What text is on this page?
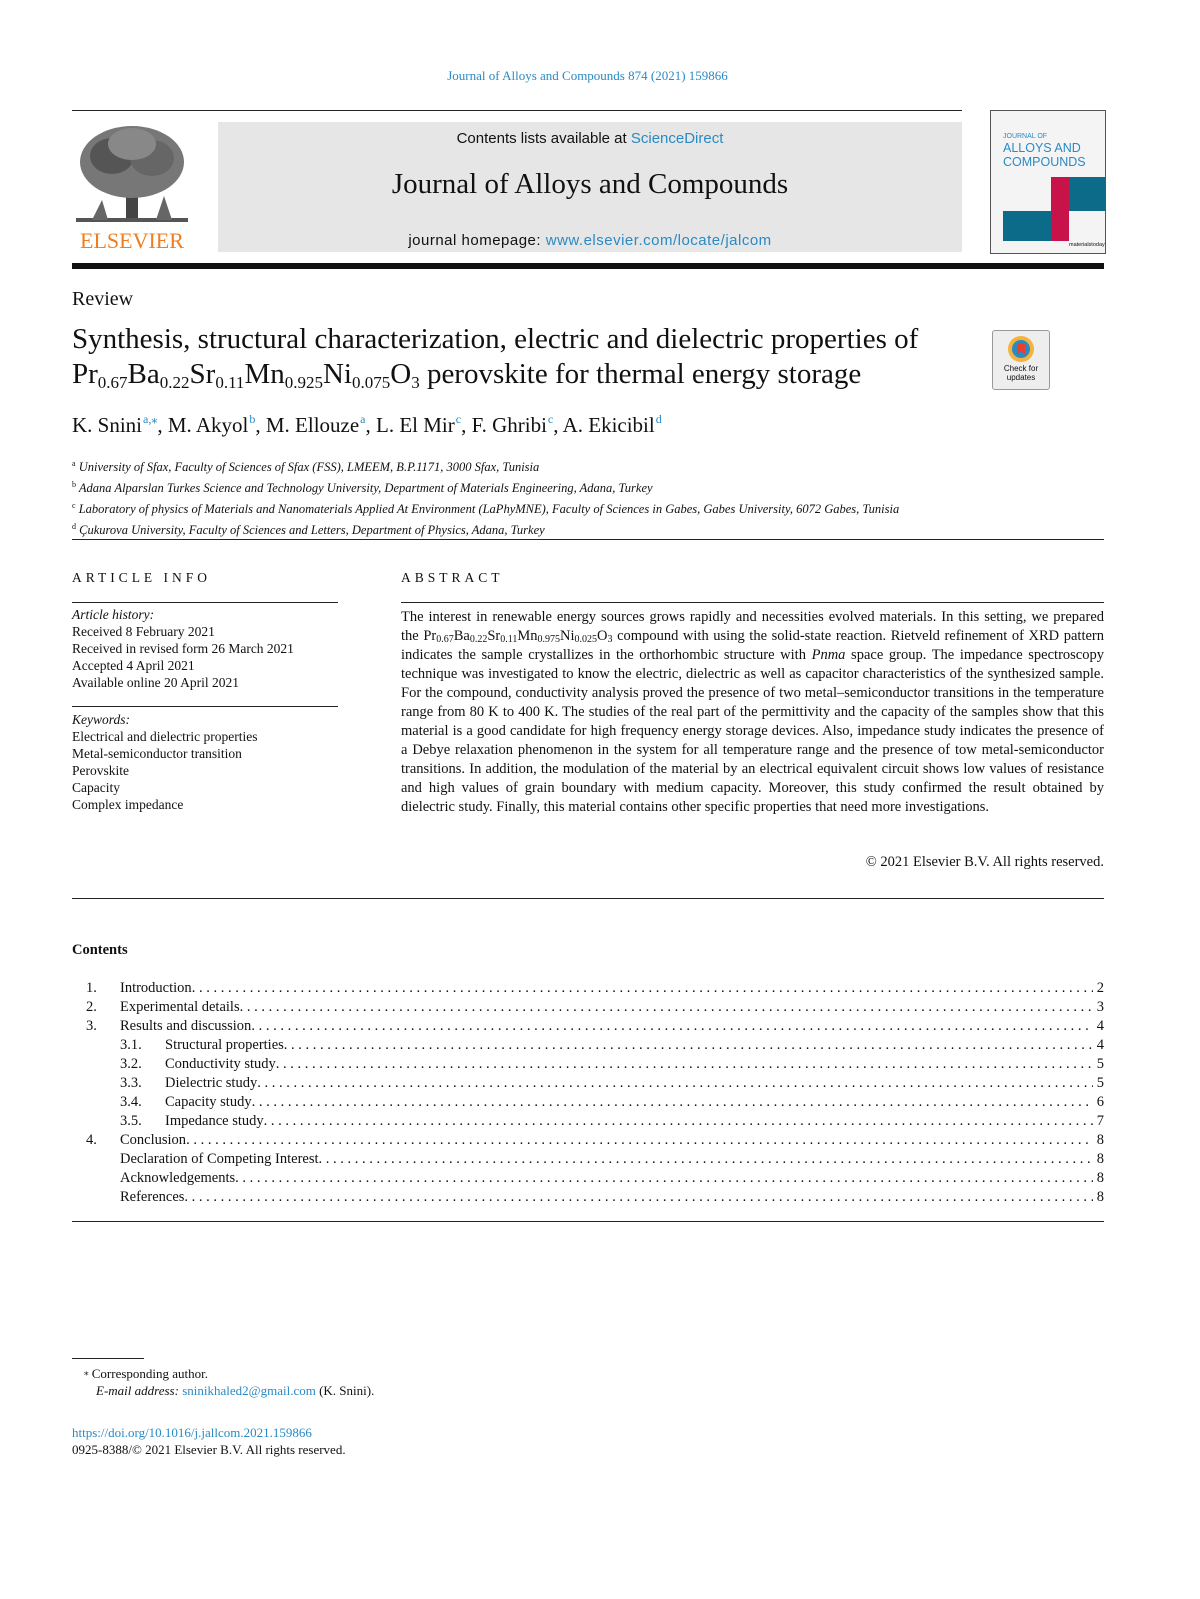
Journal of Alloys and Compounds 874 (2021) 159866
ELSEVIER
Contents lists available at ScienceDirect
Journal of Alloys and Compounds
journal homepage: www.elsevier.com/locate/jalcom
JOURNAL OF
ALLOYS AND
COMPOUNDS
materialstoday
Review
Synthesis, structural characterization, electric and dielectric properties of
$Pr_{0.67}Ba_{0.22}Sr_{0.11}Mn_{0.925}Ni_{0.075}O_3$ perovskite for thermal energy storage	Check for updates
K. Snini$^{a,⁎}$, M. Akyol$^b$, M. Ellouze$^a$, L. El Mir$^c$, F. Ghribi$^c$, A. Ekicibil$^d$
$^a$ University of Sfax, Faculty of Sciences of Sfax (FSS), LMEEM, B.P.1171, 3000 Sfax, Tunisia
$^b$ Adana Alparslan Turkes Science and Technology University, Department of Materials Engineering, Adana, Turkey
$^c$ Laboratory of physics of Materials and Nanomaterials Applied At Environment (LaPhyMNE), Faculty of Sciences in Gabes, Gabes University, 6072 Gabes, Tunisia
$^d$ Çukurova University, Faculty of Sciences and Letters, Department of Physics, Adana, Turkey
ARTICLE INFO
Article history:
Received 8 February 2021
Received in revised form 26 March 2021
Accepted 4 April 2021
Available online 20 April 2021
Keywords:
Electrical and dielectric properties
Metal-semiconductor transition
Perovskite
Capacity
Complex impedance
ABSTRACT
The interest in renewable energy sources grows rapidly and necessities evolved materials. In this setting, we prepared the $Pr_{0.67}Ba_{0.22}Sr_{0.11}Mn_{0.975}Ni_{0.025}O_3$ compound with using the solid-state reaction. Rietveld refinement of XRD pattern indicates the sample crystallizes in the orthorhombic structure with Pnma space group. The impedance spectroscopy technique was investigated to know the electric, dielectric as well as capacitor characteristics of the synthesized sample. For the compound, conductivity analysis proved the presence of two metal–semiconductor transitions in the temperature range from 80 K to 400 K. The studies of the real part of the permittivity and the capacity of the samples show that this material is a good candidate for high frequency energy storage devices. Also, impedance study indicates the presence of a Debye relaxation phenomenon in the system for all temperature range and the presence of tow metal-semiconductor transitions. In addition, the modulation of the material by an electrical equivalent circuit shows low values of resistance and high values of grain boundary with medium capacity. Moreover, this study confirmed the result obtained by dielectric study. Finally, this material contains other specific properties that need more investigations.
© 2021 Elsevier B.V. All rights reserved.
Contents
1.	Introduction . . .	2
2.	Experimental details . . .	3
3.	Results and discussion . . .	4
3.1.	Structural properties . . .	4
3.2.	Conductivity study . . .	5
3.3.	Dielectric study . . .	5
3.4.	Capacity study . . .	6
3.5.	Impedance study . . .	7
4.	Conclusion . . .	8
Declaration of Competing Interest . . .	8
Acknowledgements . . .	8
References . . .	8
⁎ Corresponding author.
E-mail address: sninikhaled2@gmail.com (K. Snini).
https://doi.org/10.1016/j.jallcom.2021.159866
0925-8388/© 2021 Elsevier B.V. All rights reserved.
